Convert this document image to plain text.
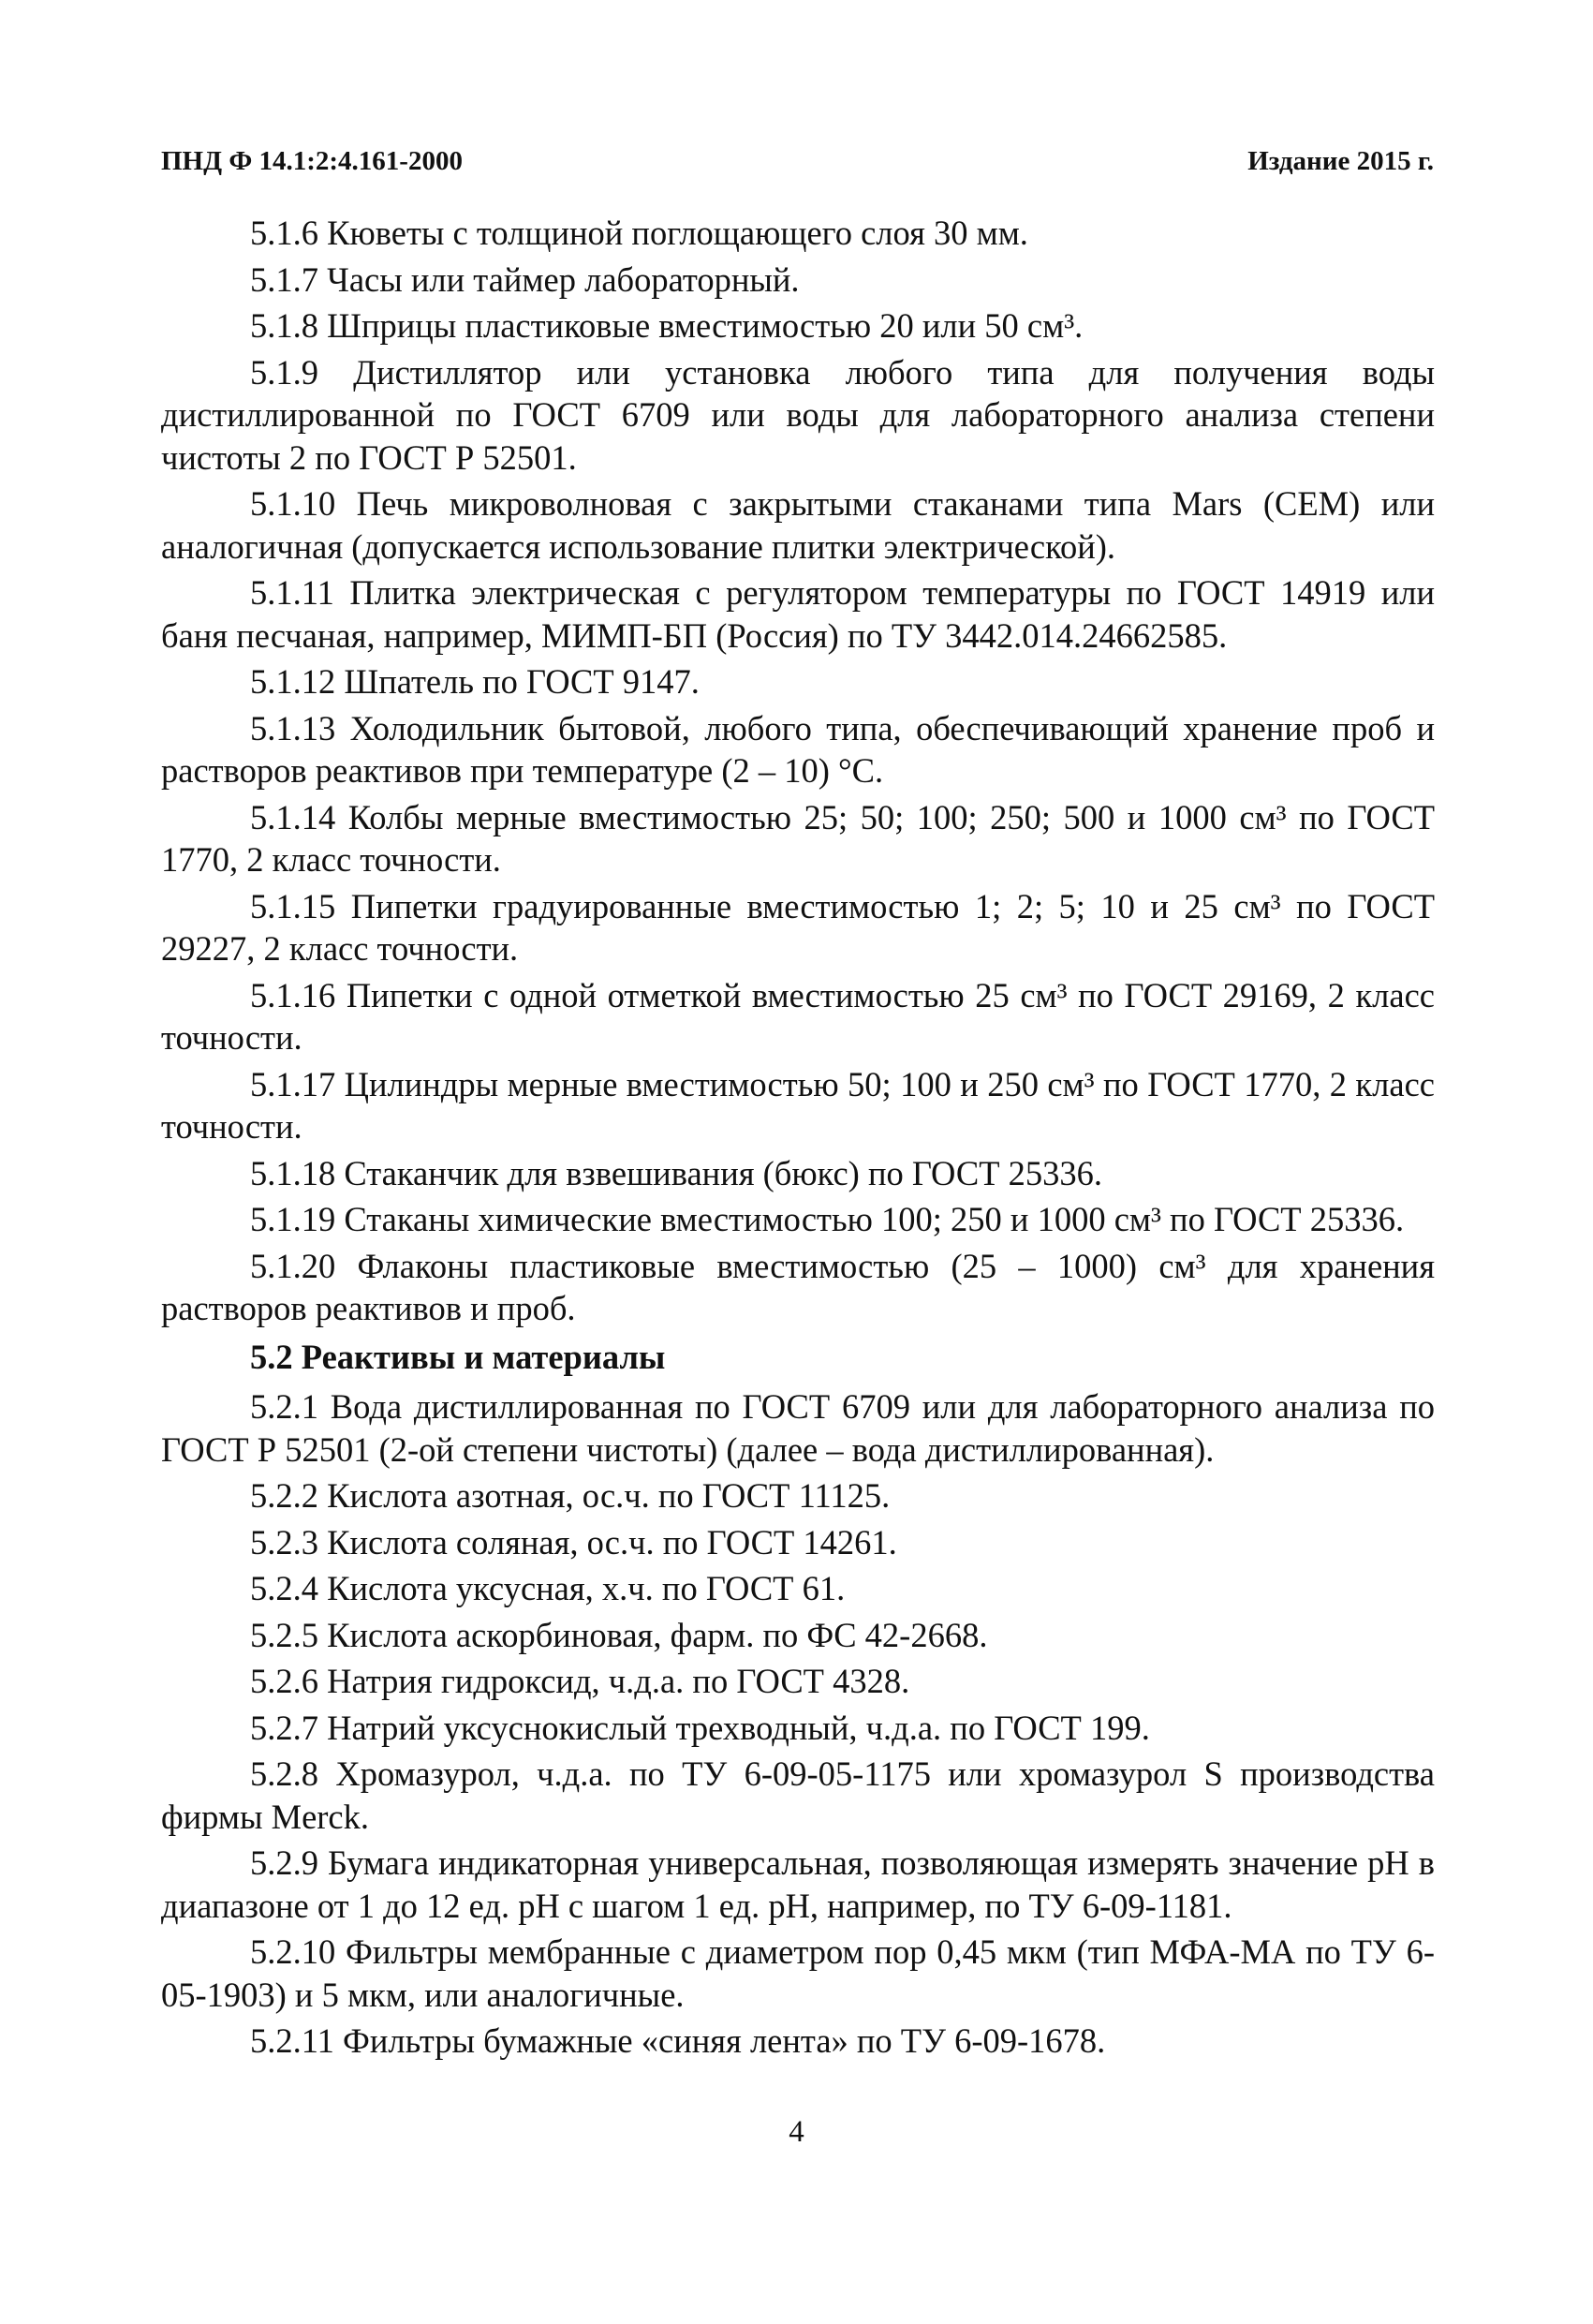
ПНД Ф 14.1:2:4.161-2000	Издание 2015 г.

5.1.6 Кюветы с толщиной поглощающего слоя 30 мм.

5.1.7 Часы или таймер лабораторный.

5.1.8 Шприцы пластиковые вместимостью 20 или 50 см³.

5.1.9 Дистиллятор или установка любого типа для получения воды дистиллированной по ГОСТ 6709 или воды для лабораторного анализа степени чистоты 2 по ГОСТ Р 52501.

5.1.10 Печь микроволновая с закрытыми стаканами типа Mars (CEM) или аналогичная (допускается использование плитки электрической).

5.1.11 Плитка электрическая с регулятором температуры по ГОСТ 14919 или баня песчаная, например, МИМП-БП (Россия) по ТУ 3442.014.24662585.

5.1.12 Шпатель по ГОСТ 9147.

5.1.13 Холодильник бытовой, любого типа, обеспечивающий хранение проб и растворов реактивов при температуре (2 – 10) °С.

5.1.14 Колбы мерные вместимостью 25; 50; 100; 250; 500 и 1000 см³ по ГОСТ 1770, 2 класс точности.

5.1.15 Пипетки градуированные вместимостью 1; 2; 5; 10 и 25 см³ по ГОСТ 29227, 2 класс точности.

5.1.16 Пипетки с одной отметкой вместимостью 25 см³ по ГОСТ 29169, 2 класс точности.

5.1.17 Цилиндры мерные вместимостью 50; 100 и 250 см³ по ГОСТ 1770, 2 класс точности.

5.1.18 Стаканчик для взвешивания (бюкс) по ГОСТ 25336.

5.1.19 Стаканы химические вместимостью 100; 250 и 1000 см³ по ГОСТ 25336.

5.1.20 Флаконы пластиковые вместимостью (25 – 1000) см³ для хранения растворов реактивов и проб.

5.2 Реактивы и материалы

5.2.1 Вода дистиллированная по ГОСТ 6709 или для лабораторного анализа по ГОСТ Р 52501 (2-ой степени чистоты) (далее – вода дистиллированная).

5.2.2 Кислота азотная, ос.ч. по ГОСТ 11125.

5.2.3 Кислота соляная, ос.ч. по ГОСТ 14261.

5.2.4 Кислота уксусная, х.ч. по ГОСТ 61.

5.2.5 Кислота аскорбиновая, фарм. по ФС 42-2668.

5.2.6 Натрия гидроксид, ч.д.а. по ГОСТ 4328.

5.2.7 Натрий уксуснокислый трехводный, ч.д.а. по ГОСТ 199.

5.2.8 Хромазурол, ч.д.а. по ТУ 6-09-05-1175 или хромазурол S производства фирмы Merck.

5.2.9 Бумага индикаторная универсальная, позволяющая измерять значение pH в диапазоне от 1 до 12 ед. pH с шагом 1 ед. pH, например, по ТУ 6-09-1181.

5.2.10 Фильтры мембранные с диаметром пор 0,45 мкм (тип МФА-МА по ТУ 6-05-1903) и 5 мкм, или аналогичные.

5.2.11 Фильтры бумажные «синяя лента» по ТУ 6-09-1678.

4
